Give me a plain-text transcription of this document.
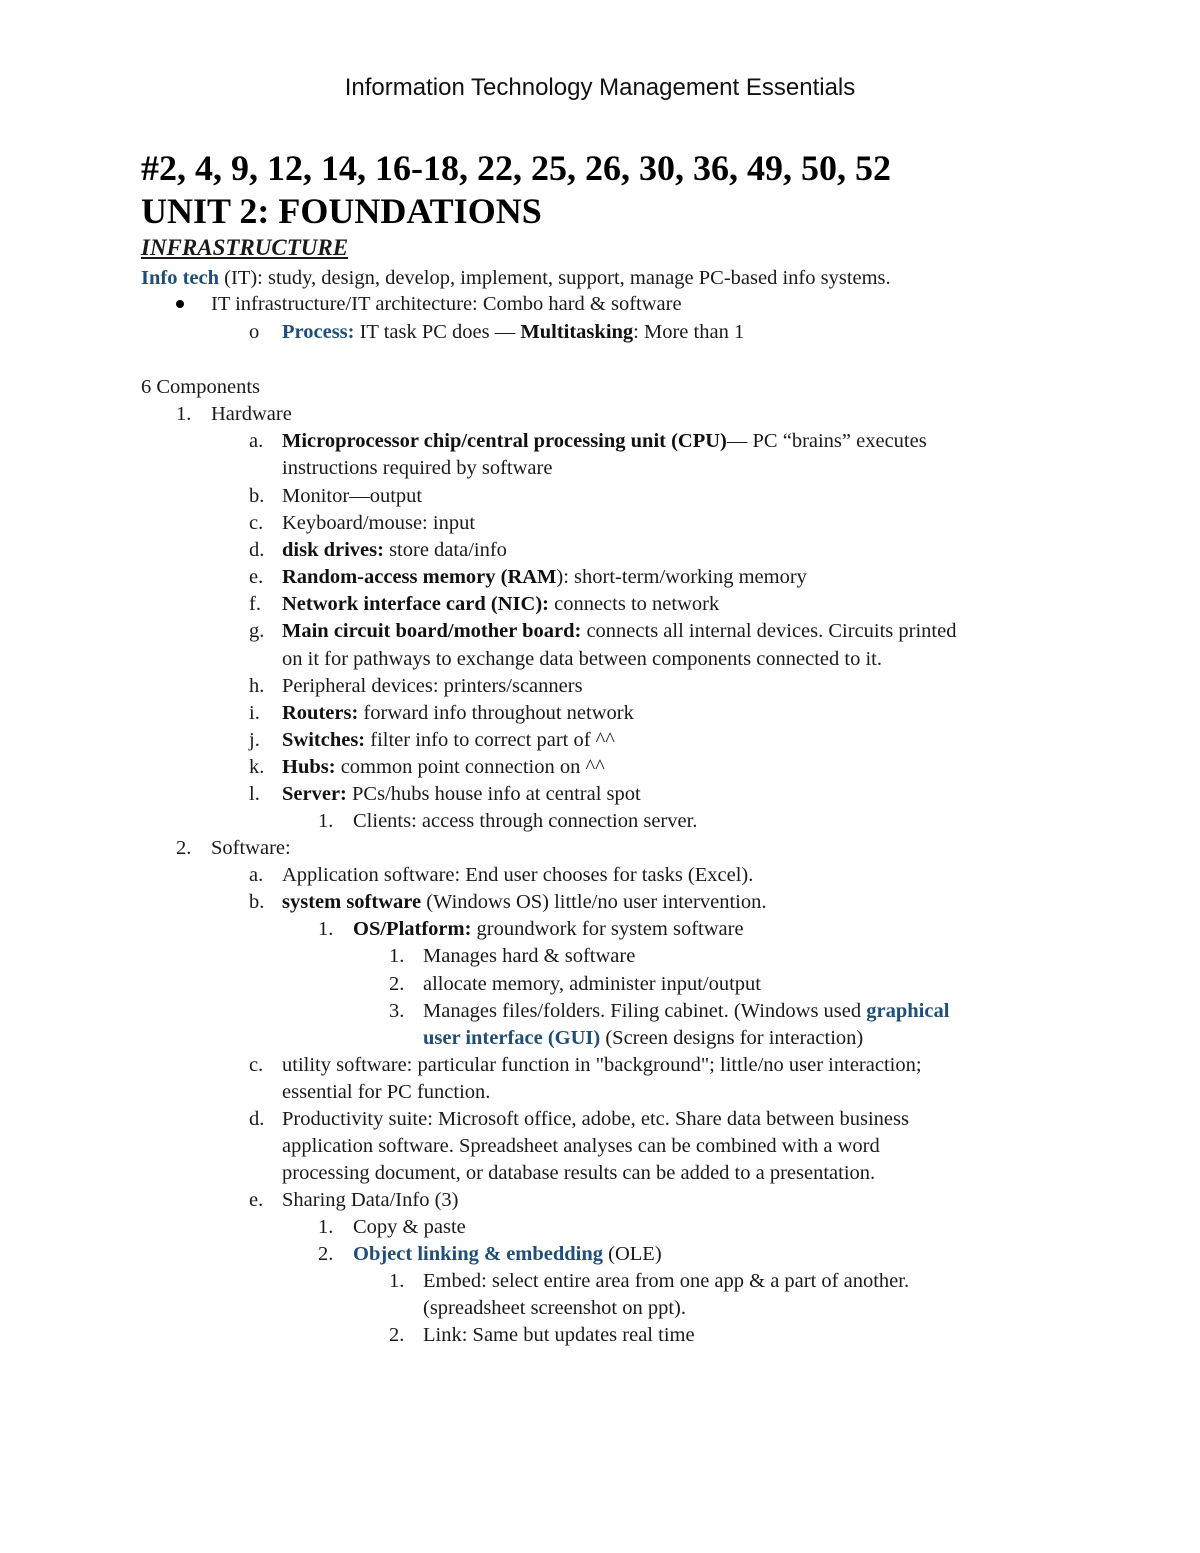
Information Technology Management Essentials
#2, 4, 9, 12, 14, 16-18, 22, 25, 26, 30, 36, 49, 50, 52
UNIT 2: FOUNDATIONS
INFRASTRUCTURE
Info tech (IT): study, design, develop, implement, support, manage PC-based info systems.
IT infrastructure/IT architecture: Combo hard & software
o Process: IT task PC does — Multitasking: More than 1
6 Components
1. Hardware
a. Microprocessor chip/central processing unit (CPU)— PC “brains” executes
instructions required by software
b. Monitor—output
c. Keyboard/mouse: input
d. disk drives: store data/info
e. Random-access memory (RAM): short-term/working memory
f. Network interface card (NIC): connects to network
g. Main circuit board/mother board: connects all internal devices. Circuits printed
on it for pathways to exchange data between components connected to it.
h. Peripheral devices: printers/scanners
i. Routers: forward info throughout network
j. Switches: filter info to correct part of ^^
k. Hubs: common point connection on ^^
l. Server: PCs/hubs house info at central spot
1. Clients: access through connection server.
2. Software:
a. Application software: End user chooses for tasks (Excel).
b. system software (Windows OS) little/no user intervention.
1. OS/Platform: groundwork for system software
1. Manages hard & software
2. allocate memory, administer input/output
3. Manages files/folders. Filing cabinet. (Windows used graphical
user interface (GUI) (Screen designs for interaction)
c. utility software: particular function in "background"; little/no user interaction;
essential for PC function.
d. Productivity suite: Microsoft office, adobe, etc. Share data between business
application software. Spreadsheet analyses can be combined with a word
processing document, or database results can be added to a presentation.
e. Sharing Data/Info (3)
1. Copy & paste
2. Object linking & embedding (OLE)
1. Embed: select entire area from one app & a part of another.
(spreadsheet screenshot on ppt).
2. Link: Same but updates real time
